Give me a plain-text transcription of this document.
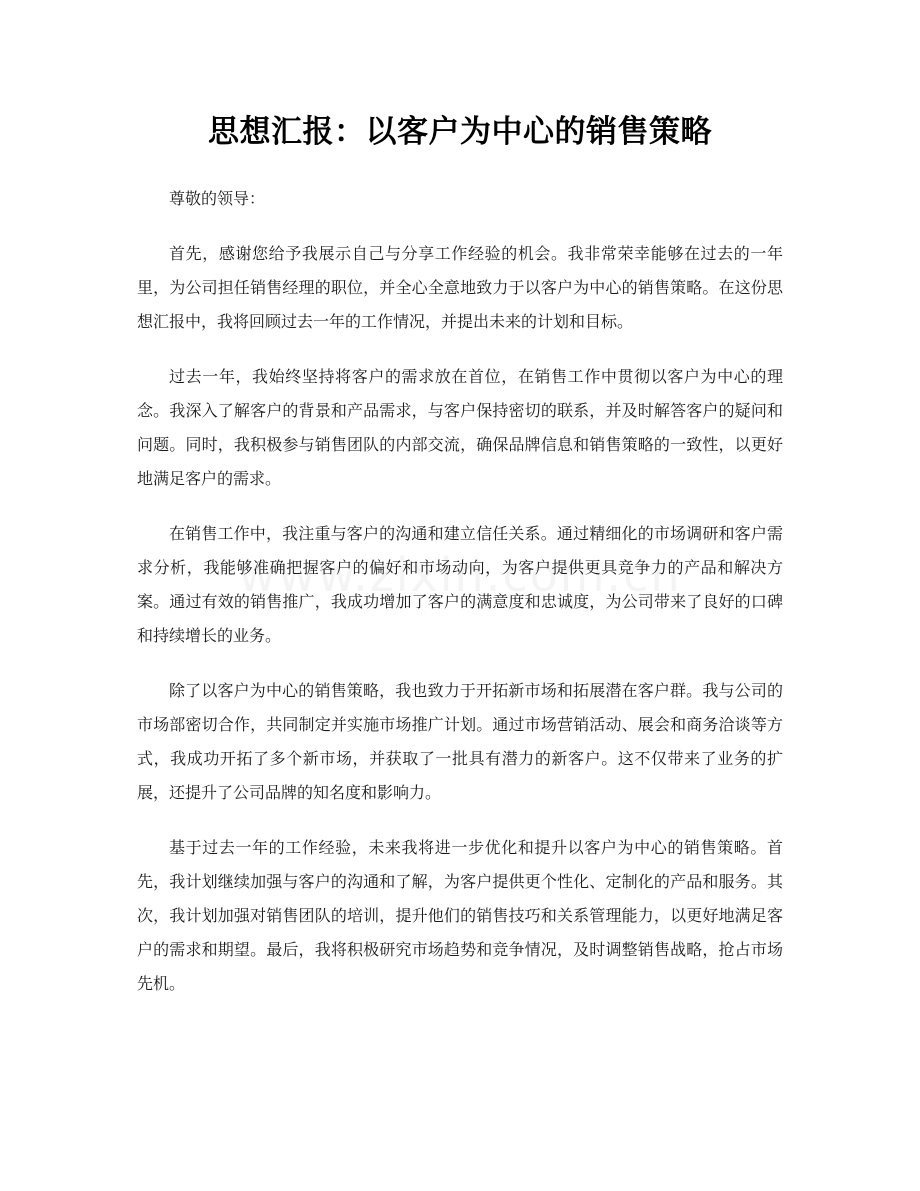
思想汇报：以客户为中心的销售策略

尊敬的领导：

首先，感谢您给予我展示自己与分享工作经验的机会。我非常荣幸能够在过去的一年里，为公司担任销售经理的职位，并全心全意地致力于以客户为中心的销售策略。在这份思想汇报中，我将回顾过去一年的工作情况，并提出未来的计划和目标。

过去一年，我始终坚持将客户的需求放在首位，在销售工作中贯彻以客户为中心的理念。我深入了解客户的背景和产品需求，与客户保持密切的联系，并及时解答客户的疑问和问题。同时，我积极参与销售团队的内部交流，确保品牌信息和销售策略的一致性，以更好地满足客户的需求。

在销售工作中，我注重与客户的沟通和建立信任关系。通过精细化的市场调研和客户需求分析，我能够准确把握客户的偏好和市场动向，为客户提供更具竞争力的产品和解决方案。通过有效的销售推广，我成功增加了客户的满意度和忠诚度，为公司带来了良好的口碑和持续增长的业务。

除了以客户为中心的销售策略，我也致力于开拓新市场和拓展潜在客户群。我与公司的市场部密切合作，共同制定并实施市场推广计划。通过市场营销活动、展会和商务洽谈等方式，我成功开拓了多个新市场，并获取了一批具有潜力的新客户。这不仅带来了业务的扩展，还提升了公司品牌的知名度和影响力。

基于过去一年的工作经验，未来我将进一步优化和提升以客户为中心的销售策略。首先，我计划继续加强与客户的沟通和了解，为客户提供更个性化、定制化的产品和服务。其次，我计划加强对销售团队的培训，提升他们的销售技巧和关系管理能力，以更好地满足客户的需求和期望。最后，我将积极研究市场趋势和竞争情况，及时调整销售战略，抢占市场先机。
